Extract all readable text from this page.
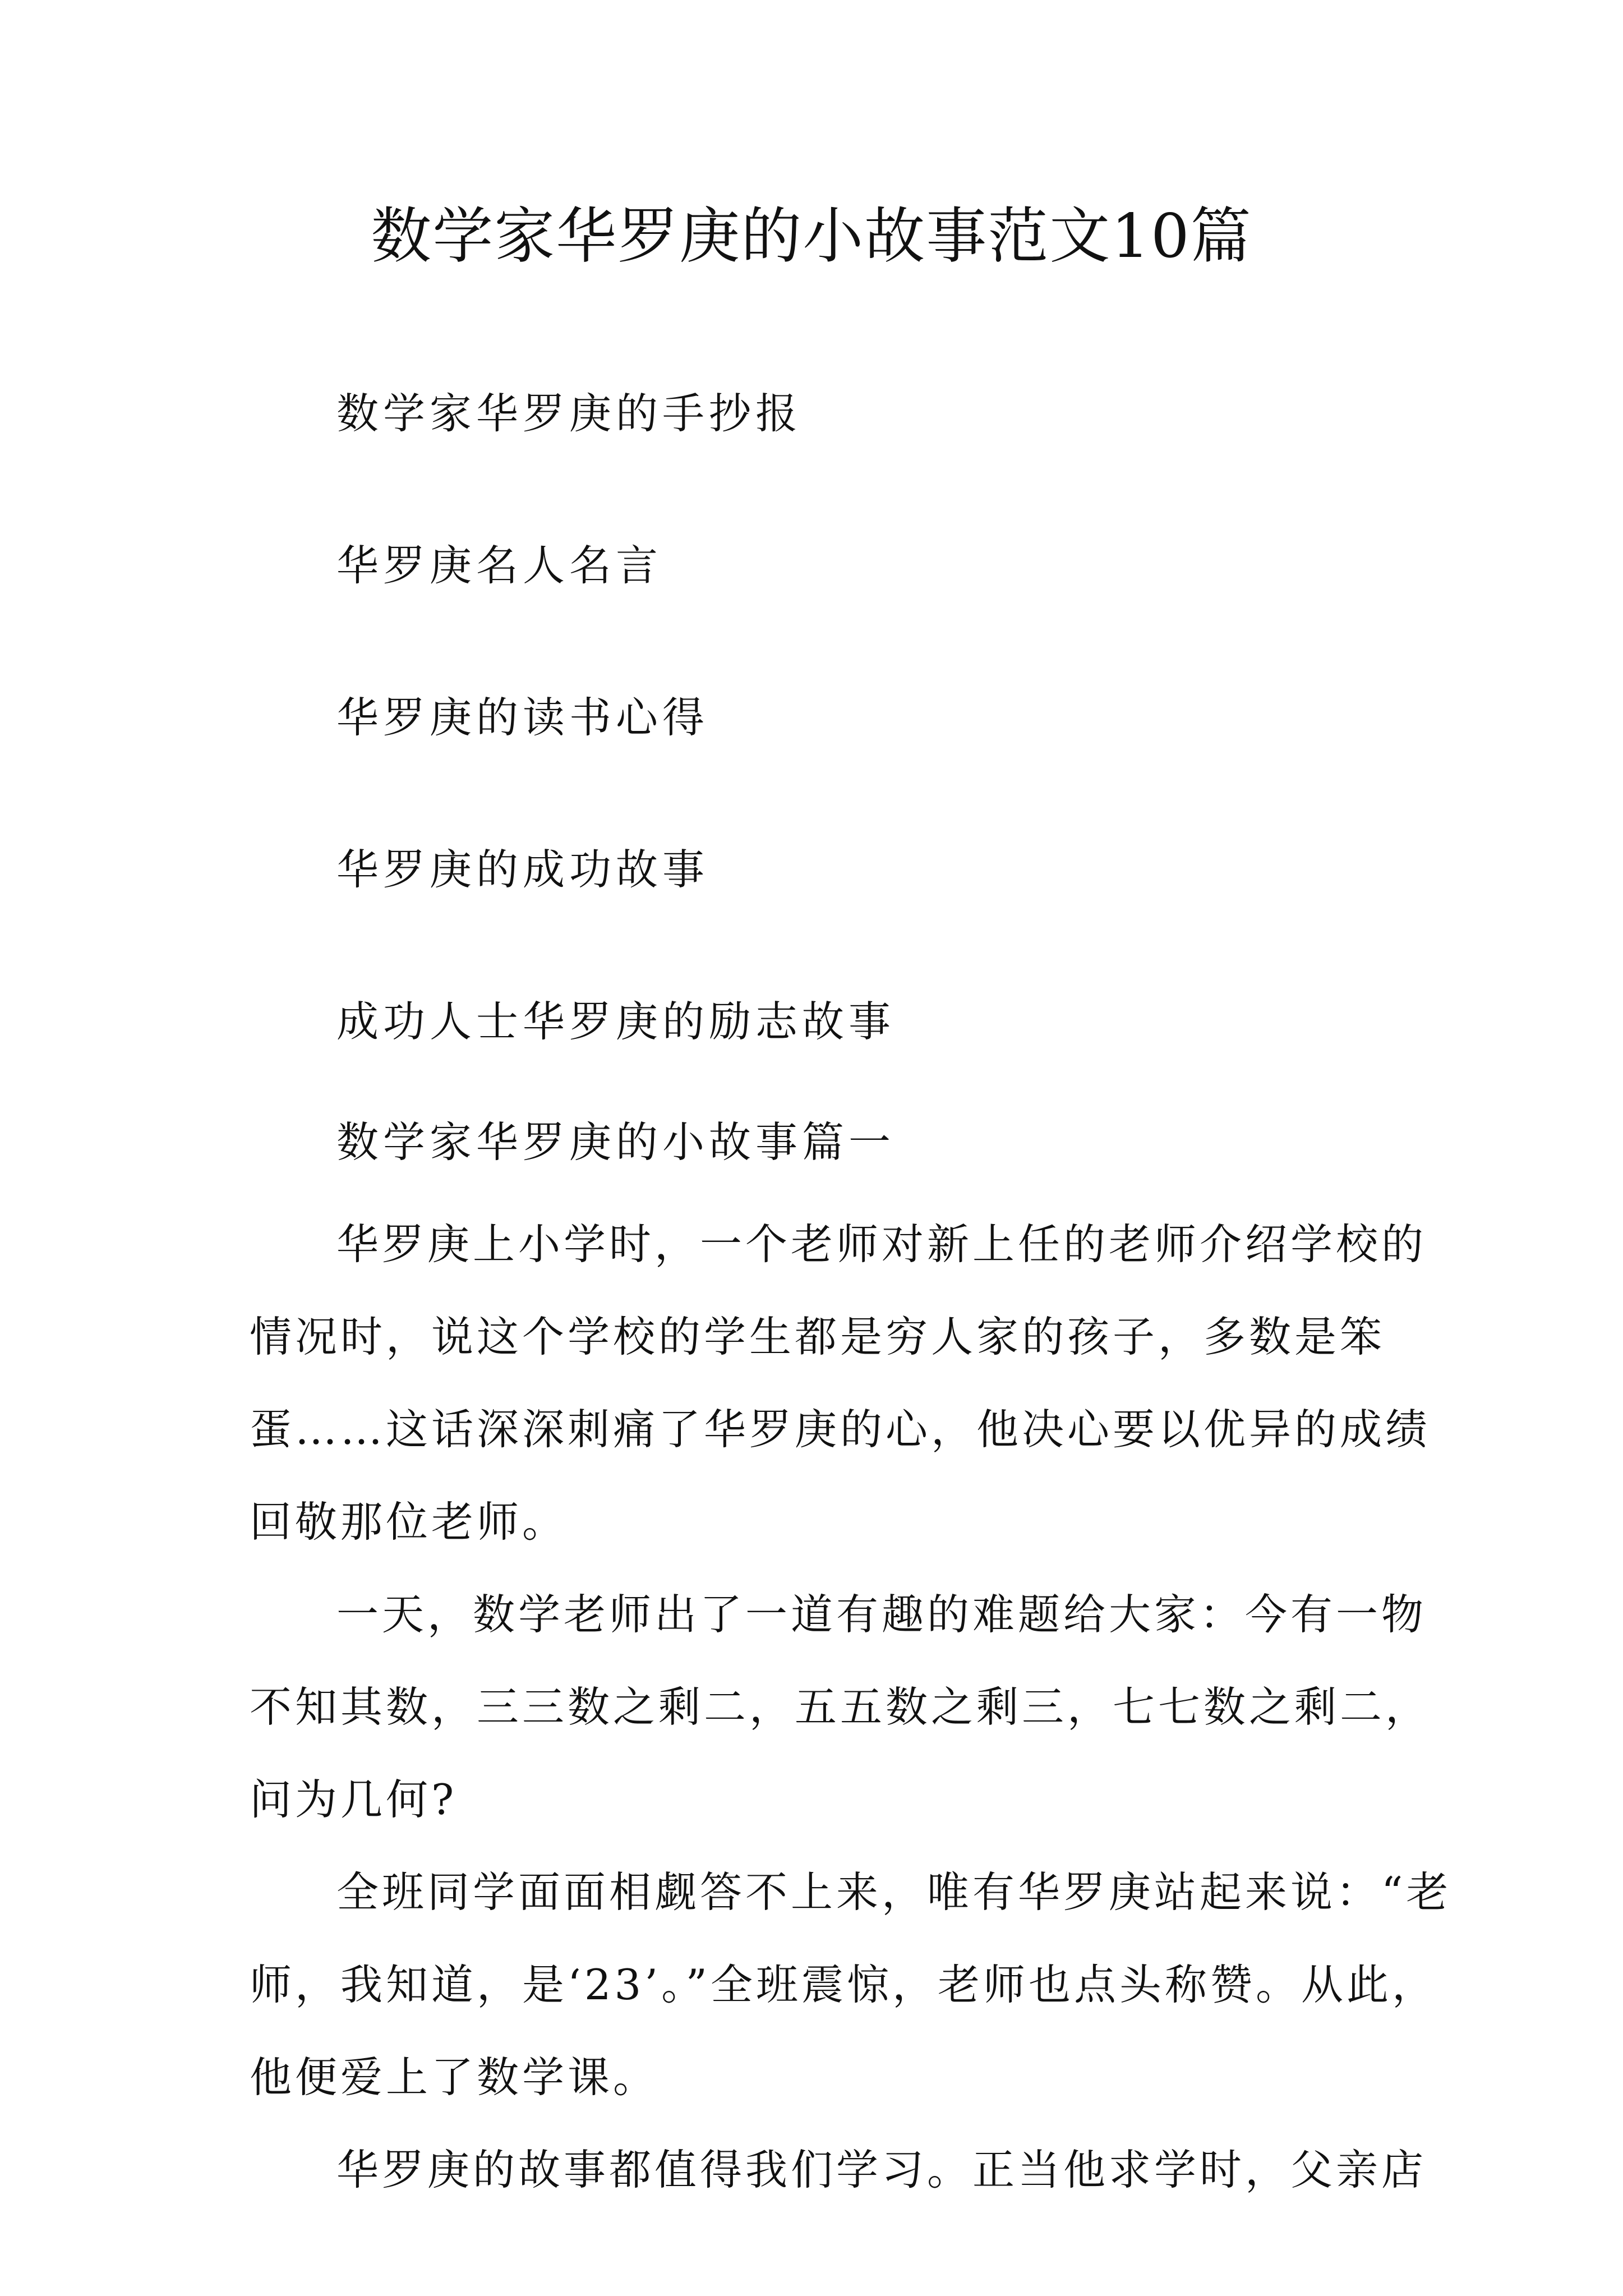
数学家华罗庚的小故事范文10篇

数学家华罗庚的手抄报

华罗庚名人名言

华罗庚的读书心得

华罗庚的成功故事

成功人士华罗庚的励志故事

数学家华罗庚的小故事篇一

华罗庚上小学时，一个老师对新上任的老师介绍学校的

情况时，说这个学校的学生都是穷人家的孩子，多数是笨

蛋……这话深深刺痛了华罗庚的心，他决心要以优异的成绩

回敬那位老师。

一天，数学老师出了一道有趣的难题给大家：今有一物

不知其数，三三数之剩二，五五数之剩三，七七数之剩二，

问为几何?

全班同学面面相觑答不上来，唯有华罗庚站起来说：“老

师，我知道，是‘23’。”全班震惊，老师也点头称赞。从此，

他便爱上了数学课。

华罗庚的故事都值得我们学习。正当他求学时，父亲店
